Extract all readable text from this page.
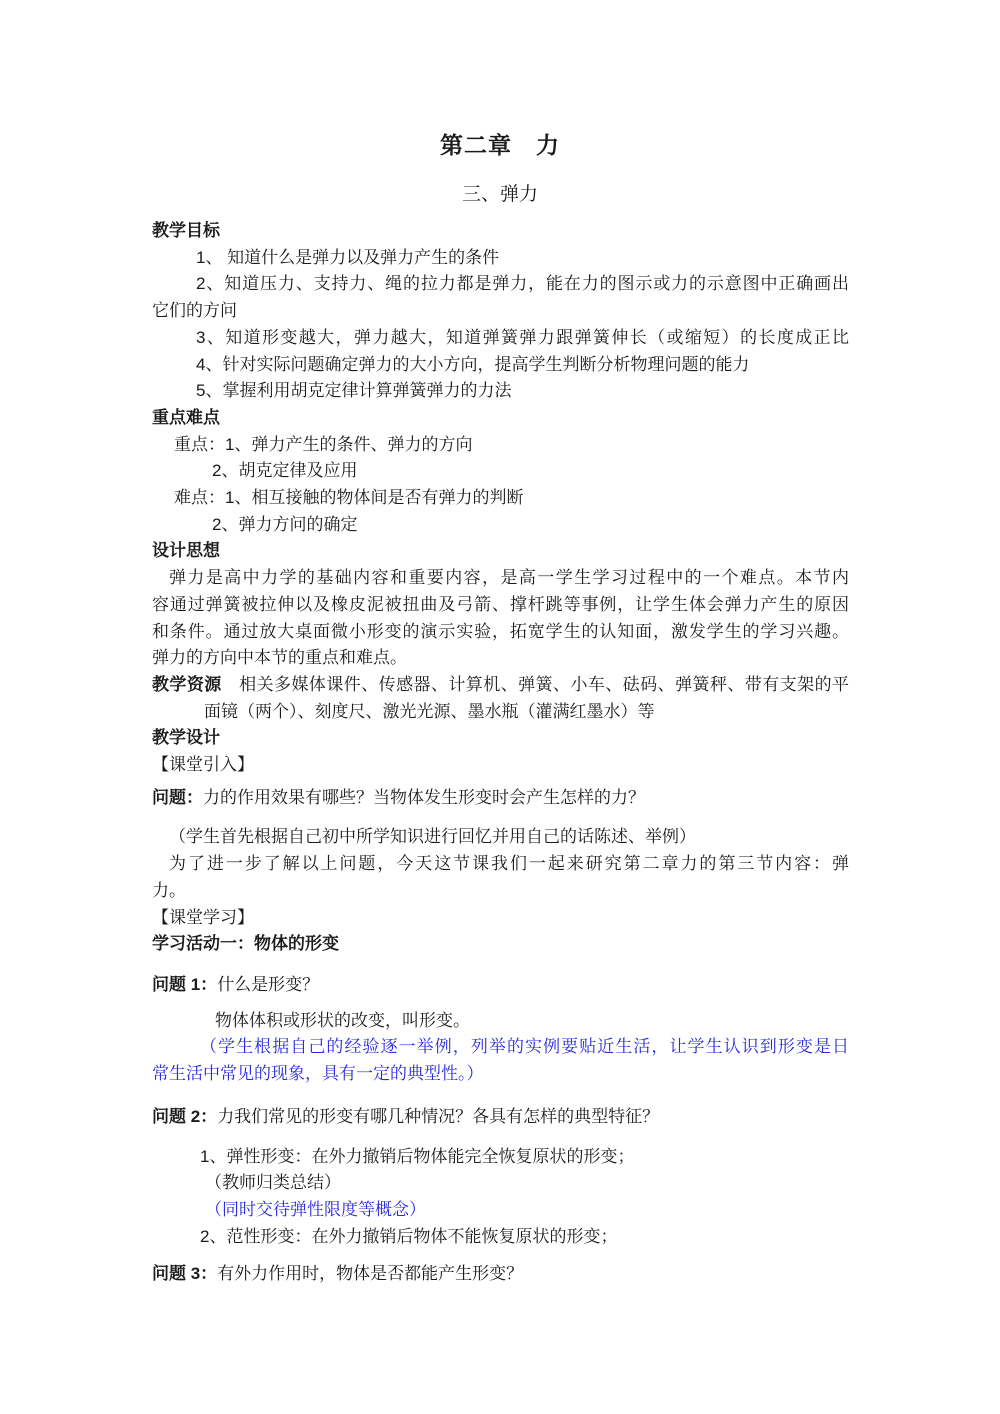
第二章　力
三、弹力
教学目标
1、 知道什么是弹力以及弹力产生的条件
2、知道压力、支持力、绳的拉力都是弹力，能在力的图示或力的示意图中正确画出
它们的方问
3、知道形变越大，弹力越大，知道弹簧弹力跟弹簧伸长（或缩短）的长度成正比
4、针对实际问题确定弹力的大小方向，提高学生判断分析物理问题的能力
5、掌握利用胡克定律计算弹簧弹力的力法
重点难点
重点：1、弹力产生的条件、弹力的方向
2、胡克定律及应用
难点：1、相互接触的物体间是否有弹力的判断
2、弹力方问的确定
设计思想
弹力是高中力学的基础内容和重要内容，是高一学生学习过程中的一个难点。本节内
容通过弹簧被拉伸以及橡皮泥被扭曲及弓箭、撑杆跳等事例，让学生体会弹力产生的原因
和条件。通过放大桌面微小形变的演示实验，拓宽学生的认知面，激发学生的学习兴趣。
弹力的方向中本节的重点和难点。
教学资源　相关多媒体课件、传感器、计算机、弹簧、小车、砝码、弹簧秤、带有支架的平
面镜（两个）、刻度尺、激光光源、墨水瓶（灌满红墨水）等
教学设计
【课堂引入】
问题：力的作用效果有哪些？当物体发生形变时会产生怎样的力？
（学生首先根据自己初中所学知识进行回忆并用自己的话陈述、举例）
为了进一步了解以上问题，今天这节课我们一起来研究第二章力的第三节内容：弹
力。
【课堂学习】
学习活动一：物体的形变
问题 1：什么是形变？
物体体积或形状的改变，叫形变。
（学生根据自己的经验逐一举例，列举的实例要贴近生活，让学生认识到形变是日
常生活中常见的现象，具有一定的典型性。）
问题 2：力我们常见的形变有哪几种情况？各具有怎样的典型特征？
1、弹性形变：在外力撤销后物体能完全恢复原状的形变；
（教师归类总结）
（同时交待弹性限度等概念）
2、范性形变：在外力撤销后物体不能恢复原状的形变；
问题 3：有外力作用时，物体是否都能产生形变？
